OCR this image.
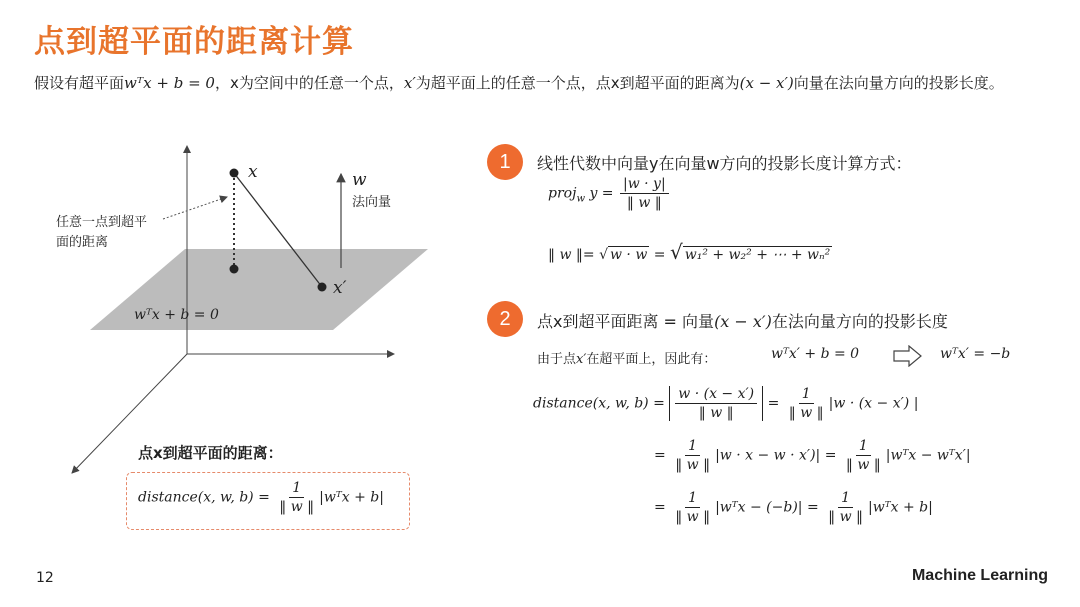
点到超平面的距离计算
假设有超平面wᵀx + b = 0，x为空间中的任意一个点，x′为超平面上的任意一个点，点x到超平面的距离为(x − x′)向量在法向量方向的投影长度。
x
x′
w
法向量
任意一点到超平
面的距离
wᵀx + b = 0
点x到超平面的距离：
distance(x, w, $b) = \frac{1}{‖ w ‖}$ |wᵀx + b|
1	线性代数中向量y在向量w方向的投影长度计算方式：
proj$_w$ $y = \frac{|w \cdot y|}{‖ w ‖}$
‖ w ‖= √ w · w = √ w₁² + w₂² + ⋯ + wₙ²
2	点x到超平面距离 = 向量(x − x′)在法向量方向的投影长度
由于点x′在超平面上，因此有：	wᵀx′ + b = 0	wᵀx′ = −b
distance(x, w, $b) = \frac{w \cdot (x - x')}{‖ w ‖} = \frac{1}{‖ w ‖} |w \cdot (x - x')$ |
= $\frac{1}{‖ w ‖} |w \cdot x - w \cdot x')| = \frac{1}{‖ w ‖}$ |wᵀx − wᵀx′|
= $\frac{1}{‖ w ‖}$ |wᵀx − $(-b)| = \frac{1}{‖ w ‖}$ |wᵀx + b|
12	Machine Learning
